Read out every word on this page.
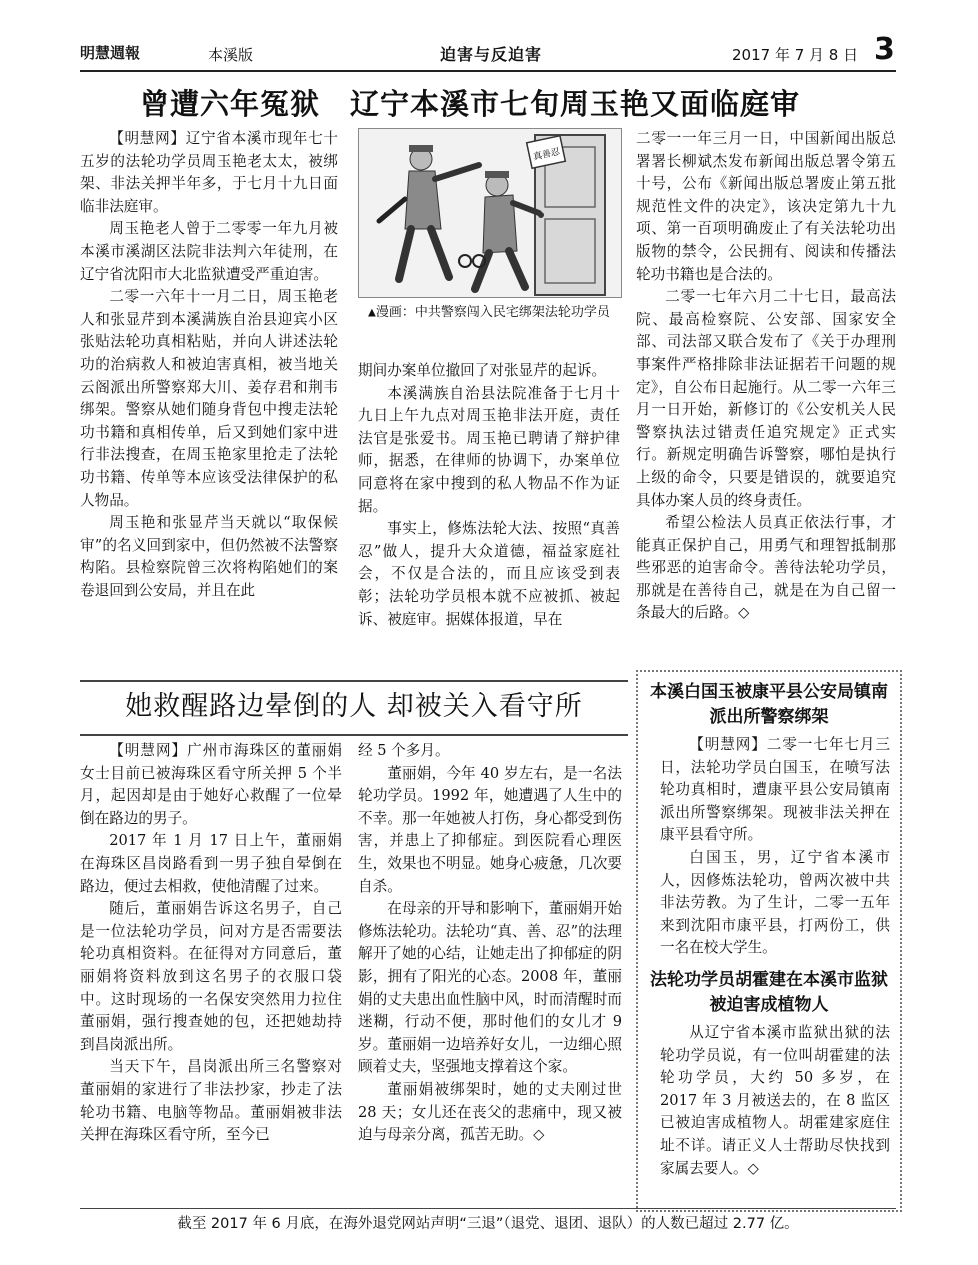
明慧週報	本溪版	迫害与反迫害	2017 年 7 月 8 日 3
曾遭六年冤狱　辽宁本溪市七旬周玉艳又面临庭审

【明慧网】辽宁省本溪市现年七十五岁的法轮功学员周玉艳老太太，被绑架、非法关押半年多，于七月十九日面临非法庭审。

周玉艳老人曾于二零零一年九月被本溪市溪湖区法院非法判六年徒刑，在辽宁省沈阳市大北监狱遭受严重迫害。

二零一六年十一月二日，周玉艳老人和张显芹到本溪满族自治县迎宾小区张贴法轮功真相粘贴，并向人讲述法轮功的治病救人和被迫害真相，被当地关云阁派出所警察郑大川、姜存君和荆韦绑架。警察从她们随身背包中搜走法轮功书籍和真相传单，后又到她们家中进行非法搜查，在周玉艳家里抢走了法轮功书籍、传单等本应该受法律保护的私人物品。

周玉艳和张显芹当天就以“取保候审”的名义回到家中，但仍然被不法警察构陷。县检察院曾三次将构陷她们的案卷退回到公安局，并且在此

真善忍
▲漫画：中共警察闯入民宅绑架法轮功学员

期间办案单位撤回了对张显芹的起诉。

本溪满族自治县法院准备于七月十九日上午九点对周玉艳非法开庭，责任法官是张爱书。周玉艳已聘请了辩护律师，据悉，在律师的协调下，办案单位同意将在家中搜到的私人物品不作为证据。

事实上，修炼法轮大法、按照“真善忍”做人，提升大众道德，福益家庭社会，不仅是合法的，而且应该受到表彰；法轮功学员根本就不应被抓、被起诉、被庭审。据媒体报道，早在

二零一一年三月一日，中国新闻出版总署署长柳斌杰发布新闻出版总署令第五十号，公布《新闻出版总署废止第五批规范性文件的决定》，该决定第九十九项、第一百项明确废止了有关法轮功出版物的禁令，公民拥有、阅读和传播法轮功书籍也是合法的。

二零一七年六月二十七日，最高法院、最高检察院、公安部、国家安全部、司法部又联合发布了《关于办理刑事案件严格排除非法证据若干问题的规定》，自公布日起施行。从二零一六年三月一日开始，新修订的《公安机关人民警察执法过错责任追究规定》正式实行。新规定明确告诉警察，哪怕是执行上级的命令，只要是错误的，就要追究具体办案人员的终身责任。

希望公检法人员真正依法行事，才能真正保护自己，用勇气和理智抵制那些邪恶的迫害命令。善待法轮功学员，那就是在善待自己，就是在为自己留一条最大的后路。◇

她救醒路边晕倒的人 却被关入看守所

【明慧网】广州市海珠区的董丽娟女士目前已被海珠区看守所关押 5 个半月，起因却是由于她好心救醒了一位晕倒在路边的男子。

2017 年 1 月 17 日上午，董丽娟在海珠区昌岗路看到一男子独自晕倒在路边，便过去相救，使他清醒了过来。

随后，董丽娟告诉这名男子，自己是一位法轮功学员，问对方是否需要法轮功真相资料。在征得对方同意后，董丽娟将资料放到这名男子的衣服口袋中。这时现场的一名保安突然用力拉住董丽娟，强行搜查她的包，还把她劫持到昌岗派出所。

当天下午，昌岗派出所三名警察对董丽娟的家进行了非法抄家，抄走了法轮功书籍、电脑等物品。董丽娟被非法关押在海珠区看守所，至今已

经 5 个多月。

董丽娟，今年 40 岁左右，是一名法轮功学员。1992 年，她遭遇了人生中的不幸。那一年她被人打伤，身心都受到伤害，并患上了抑郁症。到医院看心理医生，效果也不明显。她身心疲惫，几次要自杀。

在母亲的开导和影响下，董丽娟开始修炼法轮功。法轮功“真、善、忍”的法理解开了她的心结，让她走出了抑郁症的阴影，拥有了阳光的心态。2008 年，董丽娟的丈夫患出血性脑中风，时而清醒时而迷糊，行动不便，那时他们的女儿才 9 岁。董丽娟一边培养好女儿，一边细心照顾着丈夫，坚强地支撑着这个家。

董丽娟被绑架时，她的丈夫刚过世 28 天；女儿还在丧父的悲痛中，现又被迫与母亲分离，孤苦无助。◇

本溪白国玉被康平县公安局镇南派出所警察绑架

【明慧网】二零一七年七月三日，法轮功学员白国玉，在喷写法轮功真相时，遭康平县公安局镇南派出所警察绑架。现被非法关押在康平县看守所。

白国玉，男，辽宁省本溪市人，因修炼法轮功，曾两次被中共非法劳教。为了生计，二零一五年来到沈阳市康平县，打两份工，供一名在校大学生。

法轮功学员胡霍建在本溪市监狱被迫害成植物人

从辽宁省本溪市监狱出狱的法轮功学员说，有一位叫胡霍建的法轮功学员，大约 50 多岁，在 2017 年 3 月被送去的，在 8 监区已被迫害成植物人。胡霍建家庭住址不详。请正义人士帮助尽快找到家属去要人。◇

截至 2017 年 6 月底，在海外退党网站声明“三退”（退党、退团、退队）的人数已超过 2.77 亿。
